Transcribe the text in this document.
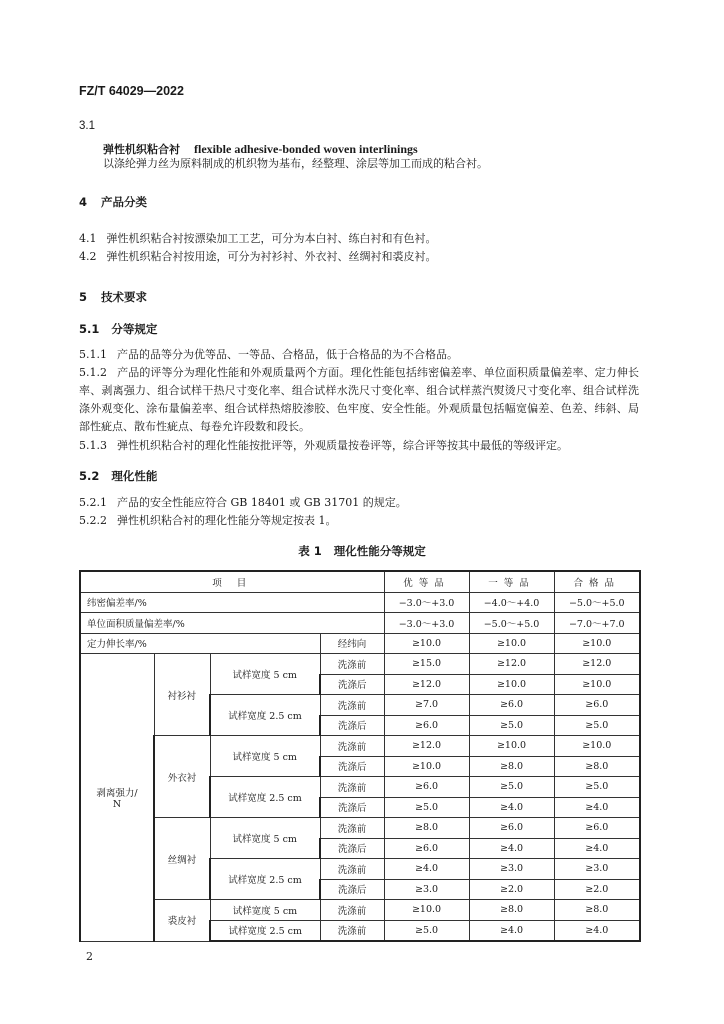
FZ/T 64029—2022
3.1
弹性机织粘合衬 flexible adhesive-bonded woven interlinings
以涤纶弹力丝为原料制成的机织物为基布，经整理、涂层等加工而成的粘合衬。
4 产品分类
4.1 弹性机织粘合衬按漂染加工工艺，可分为本白衬、练白衬和有色衬。
4.2 弹性机织粘合衬按用途，可分为衬衫衬、外衣衬、丝绸衬和裘皮衬。
5 技术要求
5.1 分等规定
5.1.1 产品的品等分为优等品、一等品、合格品，低于合格品的为不合格品。
5.1.2 产品的评等分为理化性能和外观质量两个方面。理化性能包括纬密偏差率、单位面积质量偏差率、定力伸长率、剥离强力、组合试样干热尺寸变化率、组合试样水洗尺寸变化率、组合试样蒸汽熨烫尺寸变化率、组合试样洗涤外观变化、涂布量偏差率、组合试样热熔胶渗胶、色牢度、安全性能。外观质量包括幅宽偏差、色差、纬斜、局部性疵点、散布性疵点、每卷允许段数和段长。
5.1.3 弹性机织粘合衬的理化性能按批评等，外观质量按卷评等，综合评等按其中最低的等级评定。
5.2 理化性能
5.2.1 产品的安全性能应符合 GB 18401 或 GB 31701 的规定。
5.2.2 弹性机织粘合衬的理化性能分等规定按表 1。
表 1 理化性能分等规定
项 目				优等品	一等品	合格品
纬密偏差率/%				−3.0～+3.0	−4.0～+4.0	−5.0～+5.0
单位面积质量偏差率/%				−3.0～+3.0	−5.0～+5.0	−7.0～+7.0
定力伸长率/%			经纬向	≥10.0	≥10.0	≥10.0
剥离强力/
N	衬衫衬	试样宽度 5 cm	洗涤前	≥15.0	≥12.0	≥12.0
			洗涤后	≥12.0	≥10.0	≥10.0
		试样宽度 2.5 cm	洗涤前	≥7.0	≥6.0	≥6.0
			洗涤后	≥6.0	≥5.0	≥5.0
	外衣衬	试样宽度 5 cm	洗涤前	≥12.0	≥10.0	≥10.0
			洗涤后	≥10.0	≥8.0	≥8.0
		试样宽度 2.5 cm	洗涤前	≥6.0	≥5.0	≥5.0
			洗涤后	≥5.0	≥4.0	≥4.0
	丝绸衬	试样宽度 5 cm	洗涤前	≥8.0	≥6.0	≥6.0
			洗涤后	≥6.0	≥4.0	≥4.0
		试样宽度 2.5 cm	洗涤前	≥4.0	≥3.0	≥3.0
			洗涤后	≥3.0	≥2.0	≥2.0
	裘皮衬	试样宽度 5 cm	洗涤前	≥10.0	≥8.0	≥8.0
		试样宽度 2.5 cm	洗涤前	≥5.0	≥4.0	≥4.0
2
